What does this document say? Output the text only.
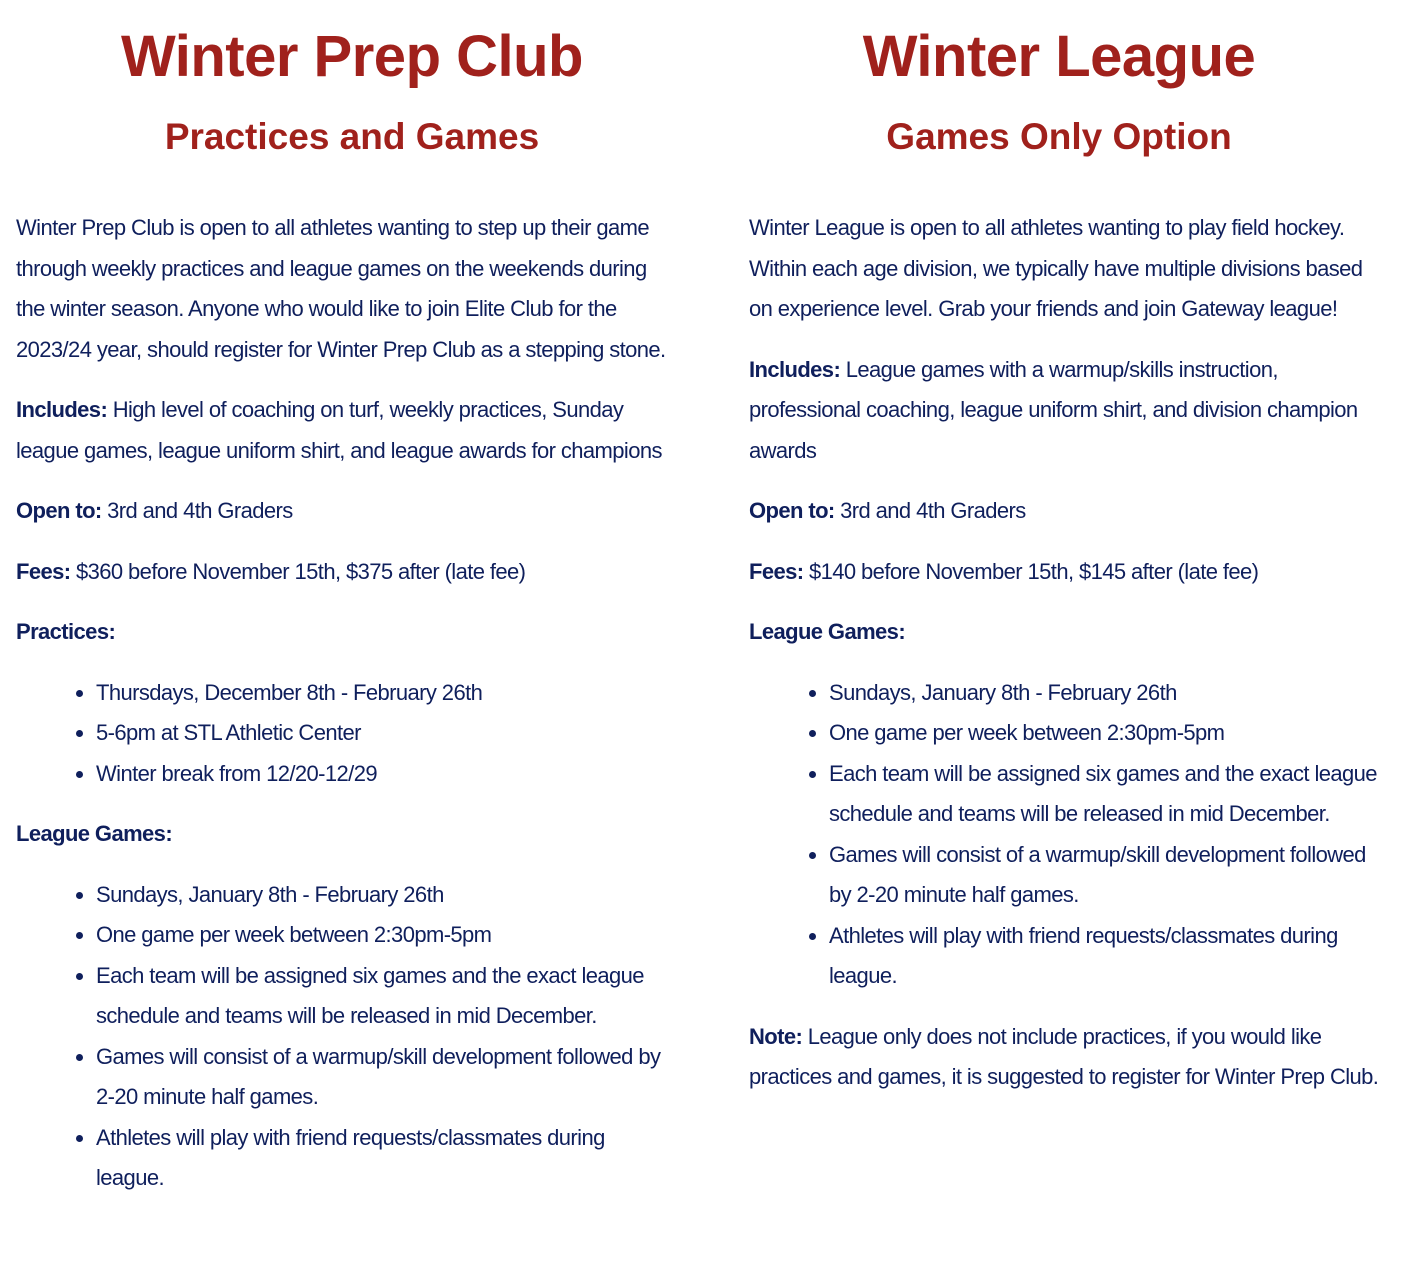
Winter Prep Club
Practices and Games

Winter Prep Club is open to all athletes wanting to step up their game through weekly practices and league games on the weekends during the winter season. Anyone who would like to join Elite Club for the 2023/24 year, should register for Winter Prep Club as a stepping stone.

Includes: High level of coaching on turf, weekly practices, Sunday league games, league uniform shirt, and league awards for champions

Open to: 3rd and 4th Graders

Fees: $360 before November 15th, $375 after (late fee)

Practices:

• Thursdays, December 8th - February 26th
• 5-6pm at STL Athletic Center
• Winter break from 12/20-12/29

League Games:

• Sundays, January 8th - February 26th
• One game per week between 2:30pm-5pm
• Each team will be assigned six games and the exact league schedule and teams will be released in mid December.
• Games will consist of a warmup/skill development followed by 2-20 minute half games.
• Athletes will play with friend requests/classmates during league.
Winter League
Games Only Option

Winter League is open to all athletes wanting to play field hockey. Within each age division, we typically have multiple divisions based on experience level. Grab your friends and join Gateway league!

Includes: League games with a warmup/skills instruction, professional coaching, league uniform shirt, and division champion awards

Open to: 3rd and 4th Graders

Fees: $140 before November 15th, $145 after (late fee)

League Games:

• Sundays, January 8th - February 26th
• One game per week between 2:30pm-5pm
• Each team will be assigned six games and the exact league schedule and teams will be released in mid December.
• Games will consist of a warmup/skill development followed by 2-20 minute half games.
• Athletes will play with friend requests/classmates during league.

Note: League only does not include practices, if you would like practices and games, it is suggested to register for Winter Prep Club.
